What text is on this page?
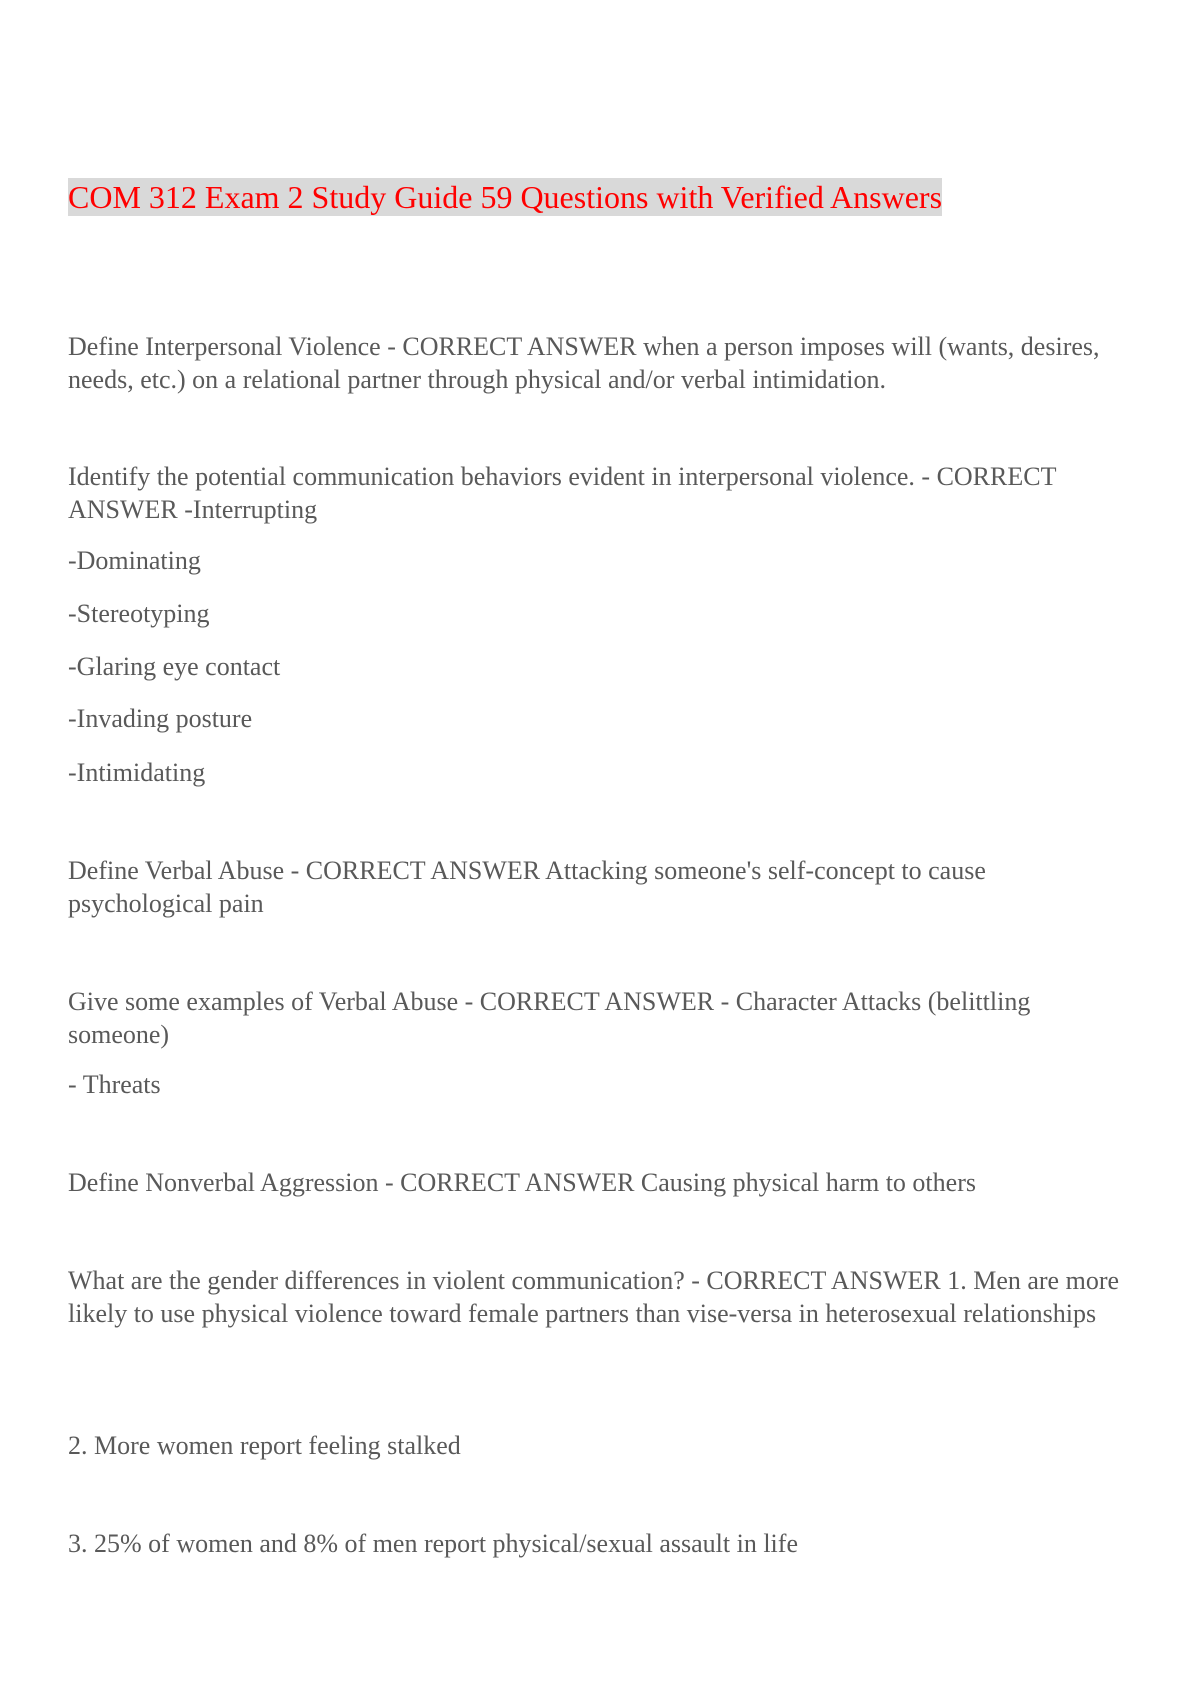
COM 312 Exam 2 Study Guide 59 Questions with Verified Answers

Define Interpersonal Violence - CORRECT ANSWER when a person imposes will (wants, desires, needs, etc.) on a relational partner through physical and/or verbal intimidation.

Identify the potential communication behaviors evident in interpersonal violence. - CORRECT ANSWER -Interrupting

-Dominating

-Stereotyping

-Glaring eye contact

-Invading posture

-Intimidating

Define Verbal Abuse - CORRECT ANSWER Attacking someone's self-concept to cause psychological pain

Give some examples of Verbal Abuse - CORRECT ANSWER - Character Attacks (belittling someone)

- Threats

Define Nonverbal Aggression - CORRECT ANSWER Causing physical harm to others

What are the gender differences in violent communication? - CORRECT ANSWER 1. Men are more likely to use physical violence toward female partners than vise-versa in heterosexual relationships

2. More women report feeling stalked

3. 25% of women and 8% of men report physical/sexual assault in life
